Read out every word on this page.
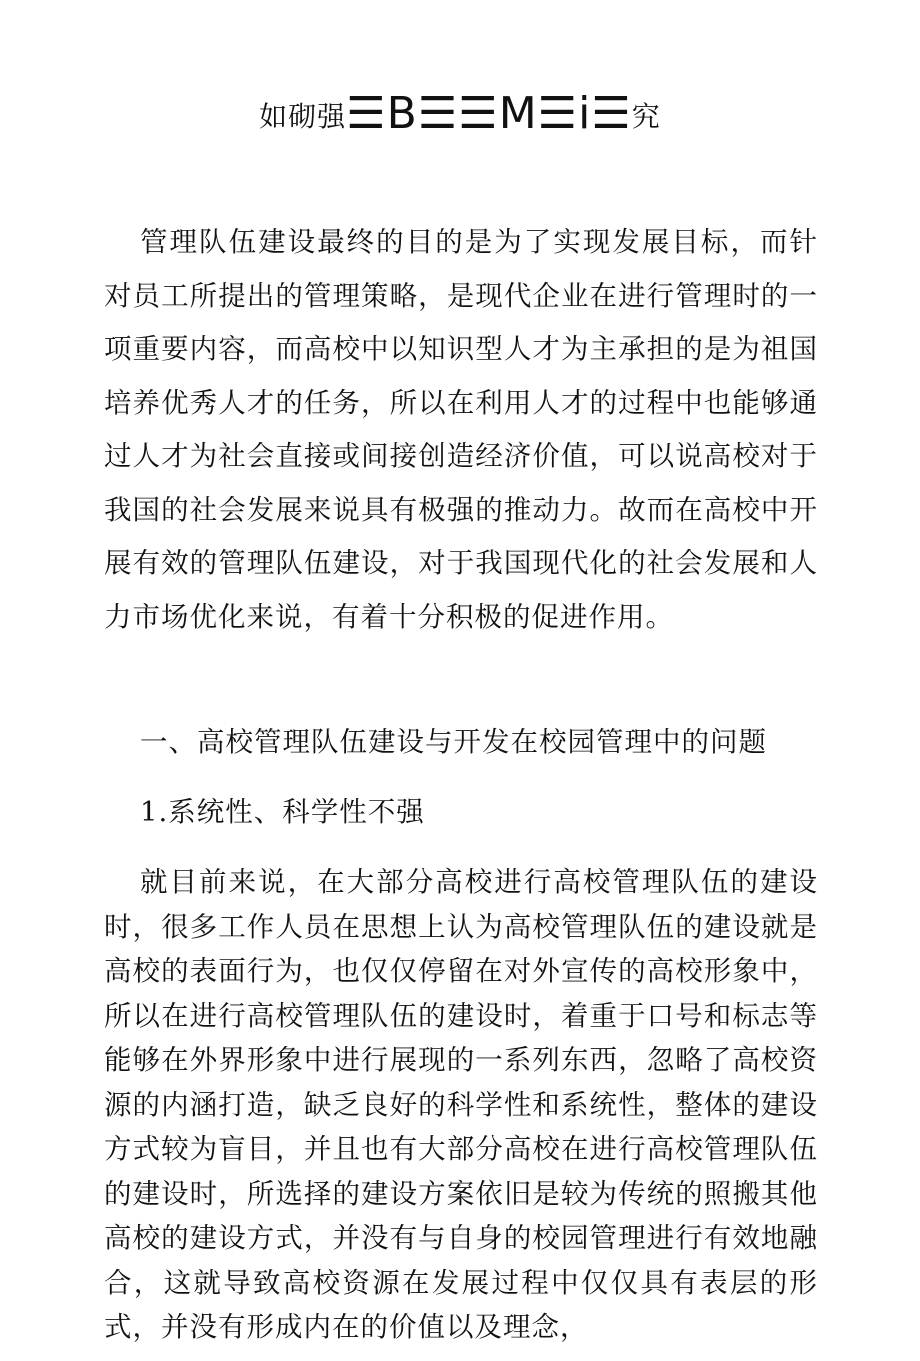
如砌强☰B☰☰M☰i☰究

管理队伍建设最终的目的是为了实现发展目标，而针对员工所提出的管理策略，是现代企业在进行管理时的一项重要内容，而高校中以知识型人才为主承担的是为祖国培养优秀人才的任务，所以在利用人才的过程中也能够通过人才为社会直接或间接创造经济价值，可以说高校对于我国的社会发展来说具有极强的推动力。故而在高校中开展有效的管理队伍建设，对于我国现代化的社会发展和人力市场优化来说，有着十分积极的促进作用。

一、高校管理队伍建设与开发在校园管理中的问题

1.系统性、科学性不强

就目前来说，在大部分高校进行高校管理队伍的建设时，很多工作人员在思想上认为高校管理队伍的建设就是高校的表面行为，也仅仅停留在对外宣传的高校形象中，所以在进行高校管理队伍的建设时，着重于口号和标志等能够在外界形象中进行展现的一系列东西，忽略了高校资源的内涵打造，缺乏良好的科学性和系统性，整体的建设方式较为盲目，并且也有大部分高校在进行高校管理队伍的建设时，所选择的建设方案依旧是较为传统的照搬其他高校的建设方式，并没有与自身的校园管理进行有效地融合，这就导致高校资源在发展过程中仅仅具有表层的形式，并没有形成内在的价值以及理念，
